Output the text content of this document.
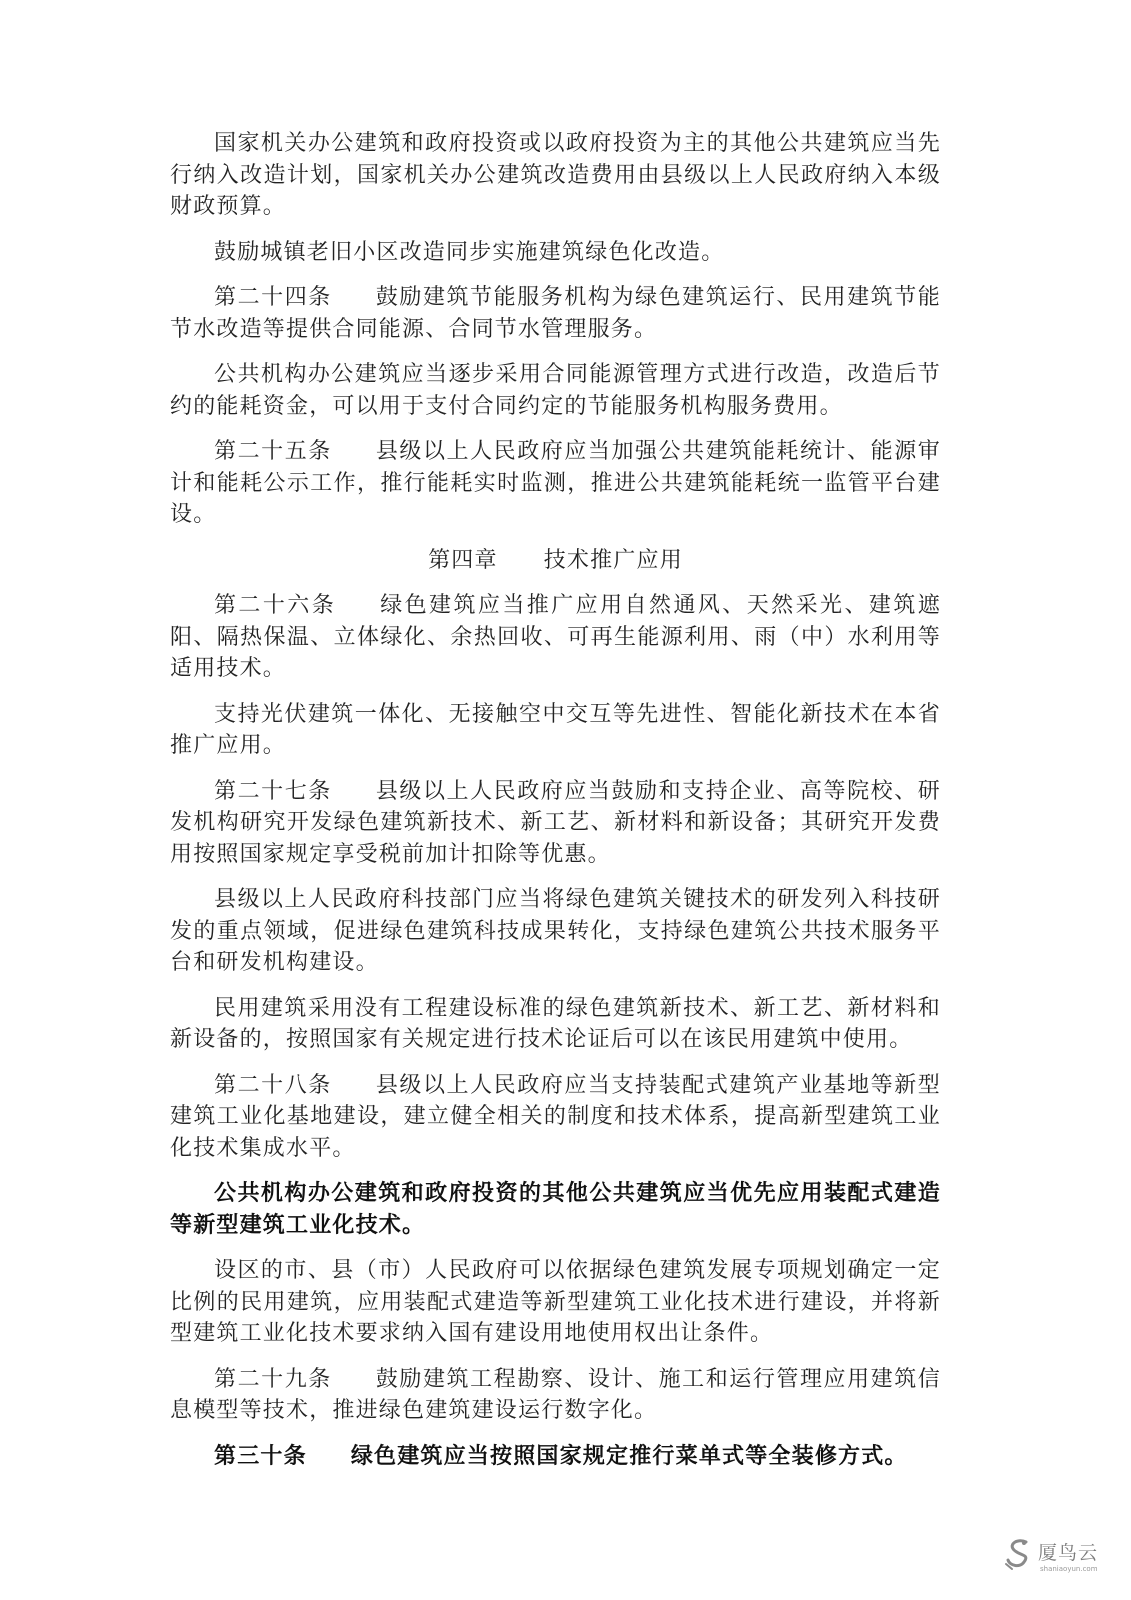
国家机关办公建筑和政府投资或以政府投资为主的其他公共建筑应当先行纳入改造计划，国家机关办公建筑改造费用由县级以上人民政府纳入本级财政预算。

鼓励城镇老旧小区改造同步实施建筑绿色化改造。

第二十四条 鼓励建筑节能服务机构为绿色建筑运行、民用建筑节能节水改造等提供合同能源、合同节水管理服务。

公共机构办公建筑应当逐步采用合同能源管理方式进行改造，改造后节约的能耗资金，可以用于支付合同约定的节能服务机构服务费用。

第二十五条 县级以上人民政府应当加强公共建筑能耗统计、能源审计和能耗公示工作，推行能耗实时监测，推进公共建筑能耗统一监管平台建设。

第四章 技术推广应用

第二十六条 绿色建筑应当推广应用自然通风、天然采光、建筑遮阳、隔热保温、立体绿化、余热回收、可再生能源利用、雨（中）水利用等适用技术。

支持光伏建筑一体化、无接触空中交互等先进性、智能化新技术在本省推广应用。

第二十七条 县级以上人民政府应当鼓励和支持企业、高等院校、研发机构研究开发绿色建筑新技术、新工艺、新材料和新设备；其研究开发费用按照国家规定享受税前加计扣除等优惠。

县级以上人民政府科技部门应当将绿色建筑关键技术的研发列入科技研发的重点领域，促进绿色建筑科技成果转化，支持绿色建筑公共技术服务平台和研发机构建设。

民用建筑采用没有工程建设标准的绿色建筑新技术、新工艺、新材料和新设备的，按照国家有关规定进行技术论证后可以在该民用建筑中使用。

第二十八条 县级以上人民政府应当支持装配式建筑产业基地等新型建筑工业化基地建设，建立健全相关的制度和技术体系，提高新型建筑工业化技术集成水平。

公共机构办公建筑和政府投资的其他公共建筑应当优先应用装配式建造等新型建筑工业化技术。

设区的市、县（市）人民政府可以依据绿色建筑发展专项规划确定一定比例的民用建筑，应用装配式建造等新型建筑工业化技术进行建设，并将新型建筑工业化技术要求纳入国有建设用地使用权出让条件。

第二十九条 鼓励建筑工程勘察、设计、施工和运行管理应用建筑信息模型等技术，推进绿色建筑建设运行数字化。

第三十条 绿色建筑应当按照国家规定推行菜单式等全装修方式。

厦鸟云
shaniaoyun.com
